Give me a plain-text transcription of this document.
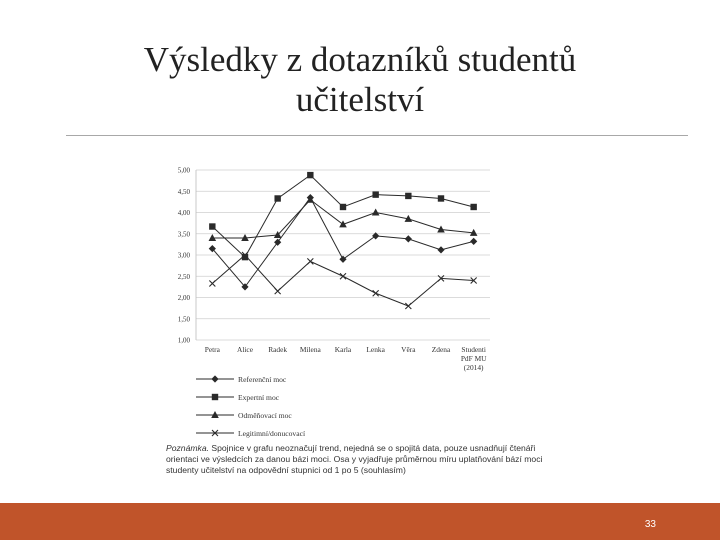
Výsledky z dotazníků studentů
učitelství
5,00
4,50
4,00
3,50
3,00
2,50
2,00
1,50
1,00
Petra Alice Radek Milena Karla Lenka Věra Zdena Studenti
PdF MU
(2014)
Referenční moc
Expertní moc
Odměňovací moc
Legitimní/donucovací
Poznámka. Spojnice v grafu neoznačují trend, nejedná se o spojitá data, pouze usnadňují čtenáři orientaci ve výsledcích za danou bázi moci. Osa y vyjadřuje průměrnou míru uplatňování bází moci studenty učitelství na odpovědní stupnici od 1 po 5 (souhlasím)
33
